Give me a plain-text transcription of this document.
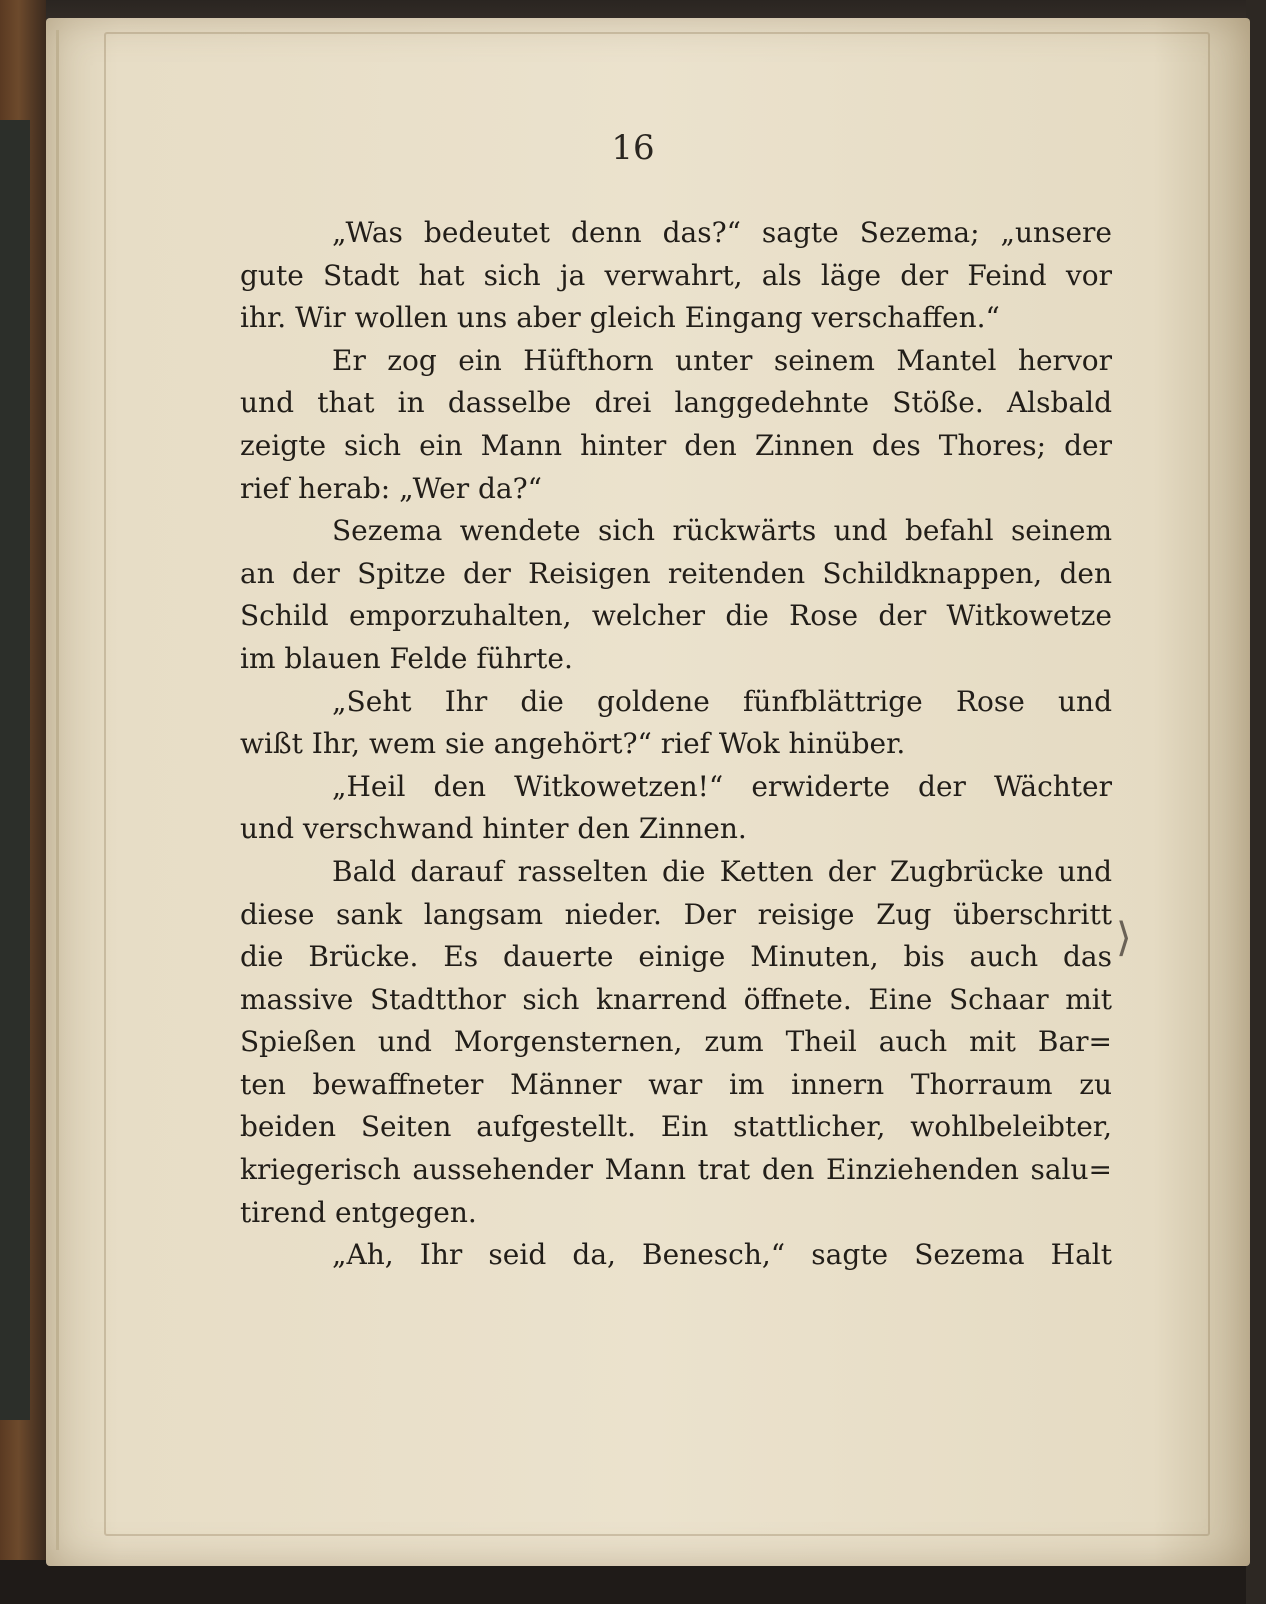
16
„Was bedeutet denn das?“ sagte Sezema; „unsere
gute Stadt hat sich ja verwahrt, als läge der Feind vor
ihr. Wir wollen uns aber gleich Eingang verschaffen.“
Er zog ein Hüfthorn unter seinem Mantel hervor
und that in dasselbe drei langgedehnte Stöße. Alsbald
zeigte sich ein Mann hinter den Zinnen des Thores; der
rief herab: „Wer da?“
Sezema wendete sich rückwärts und befahl seinem
an der Spitze der Reisigen reitenden Schildknappen, den
Schild emporzuhalten, welcher die Rose der Witkowetze
im blauen Felde führte.
„Seht Ihr die goldene fünfblättrige Rose und
wißt Ihr, wem sie angehört?“ rief Wok hinüber.
„Heil den Witkowetzen!“ erwiderte der Wächter
und verschwand hinter den Zinnen.
Bald darauf rasselten die Ketten der Zugbrücke und
diese sank langsam nieder. Der reisige Zug überschritt
die Brücke. Es dauerte einige Minuten, bis auch das
massive Stadtthor sich knarrend öffnete. Eine Schaar mit
Spießen und Morgensternen, zum Theil auch mit Bar=
ten bewaffneter Männer war im innern Thorraum zu
beiden Seiten aufgestellt. Ein stattlicher, wohlbeleibter,
kriegerisch aussehender Mann trat den Einziehenden salu=
tirend entgegen.
„Ah, Ihr seid da, Benesch,“ sagte Sezema Halt
⟩
